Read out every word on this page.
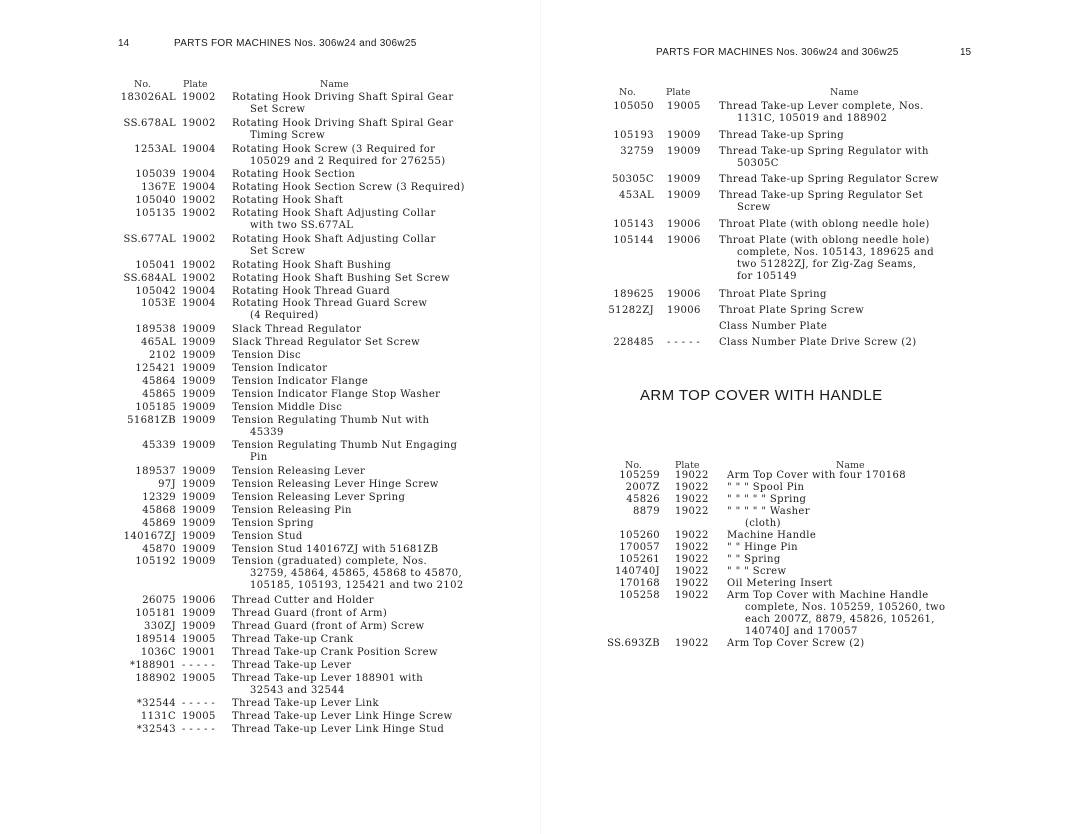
14	PARTS FOR MACHINES Nos. 306w24 and 306w25
No.	Plate	Name
183026AL 19002 Rotating Hook Driving Shaft Spiral Gear
Set Screw
SS.678AL 19002 Rotating Hook Driving Shaft Spiral Gear
Timing Screw
1253AL 19004 Rotating Hook Screw (3 Required for
105029 and 2 Required for 276255)
105039 19004 Rotating Hook Section
1367E 19004 Rotating Hook Section Screw (3 Required)
105040 19002 Rotating Hook Shaft
105135 19002 Rotating Hook Shaft Adjusting Collar
with two SS.677AL
SS.677AL 19002 Rotating Hook Shaft Adjusting Collar
Set Screw
105041 19002 Rotating Hook Shaft Bushing
SS.684AL 19002 Rotating Hook Shaft Bushing Set Screw
105042 19004 Rotating Hook Thread Guard
1053E 19004 Rotating Hook Thread Guard Screw
(4 Required)
189538 19009 Slack Thread Regulator
465AL 19009 Slack Thread Regulator Set Screw
2102 19009 Tension Disc
125421 19009 Tension Indicator
45864 19009 Tension Indicator Flange
45865 19009 Tension Indicator Flange Stop Washer
105185 19009 Tension Middle Disc
51681ZB 19009 Tension Regulating Thumb Nut with
45339
45339 19009 Tension Regulating Thumb Nut Engaging
Pin
189537 19009 Tension Releasing Lever
97J 19009 Tension Releasing Lever Hinge Screw
12329 19009 Tension Releasing Lever Spring
45868 19009 Tension Releasing Pin
45869 19009 Tension Spring
140167ZJ 19009 Tension Stud
45870 19009 Tension Stud 140167ZJ with 51681ZB
105192 19009 Tension (graduated) complete, Nos.
32759, 45864, 45865, 45868 to 45870,
105185, 105193, 125421 and two 2102
26075 19006 Thread Cutter and Holder
105181 19009 Thread Guard (front of Arm)
330ZJ 19009 Thread Guard (front of Arm) Screw
189514 19005 Thread Take-up Crank
1036C 19001 Thread Take-up Crank Position Screw
*188901 - - - - - Thread Take-up Lever
188902 19005 Thread Take-up Lever 188901 with
32543 and 32544
*32544 - - - - - Thread Take-up Lever Link
1131C 19005 Thread Take-up Lever Link Hinge Screw
*32543 - - - - - Thread Take-up Lever Link Hinge Stud
PARTS FOR MACHINES Nos. 306w24 and 306w25	15
No.	Plate	Name
105050 19005 Thread Take-up Lever complete, Nos.
1131C, 105019 and 188902
105193 19009 Thread Take-up Spring
32759 19009 Thread Take-up Spring Regulator with
50305C
50305C 19009 Thread Take-up Spring Regulator Screw
453AL 19009 Thread Take-up Spring Regulator Set
Screw
105143 19006 Throat Plate (with oblong needle hole)
105144 19006 Throat Plate (with oblong needle hole)
complete, Nos. 105143, 189625 and
two 51282ZJ, for Zig-Zag Seams,
for 105149
189625 19006 Throat Plate Spring
51282ZJ 19006 Throat Plate Spring Screw
Class Number Plate
228485 - - - - - Class Number Plate Drive Screw (2)
ARM TOP COVER WITH HANDLE
No.	Plate	Name
105259 19022 Arm Top Cover with four 170168
2007Z 19022 " " " Spool Pin
45826 19022 " " " " " Spring
8879 19022 " " " " " Washer
(cloth)
105260 19022 Machine Handle
170057 19022 " " Hinge Pin
105261 19022 " " Spring
140740J 19022 " " " Screw
170168 19022 Oil Metering Insert
105258 19022 Arm Top Cover with Machine Handle
complete, Nos. 105259, 105260, two
each 2007Z, 8879, 45826, 105261,
140740J and 170057
SS.693ZB 19022 Arm Top Cover Screw (2)
